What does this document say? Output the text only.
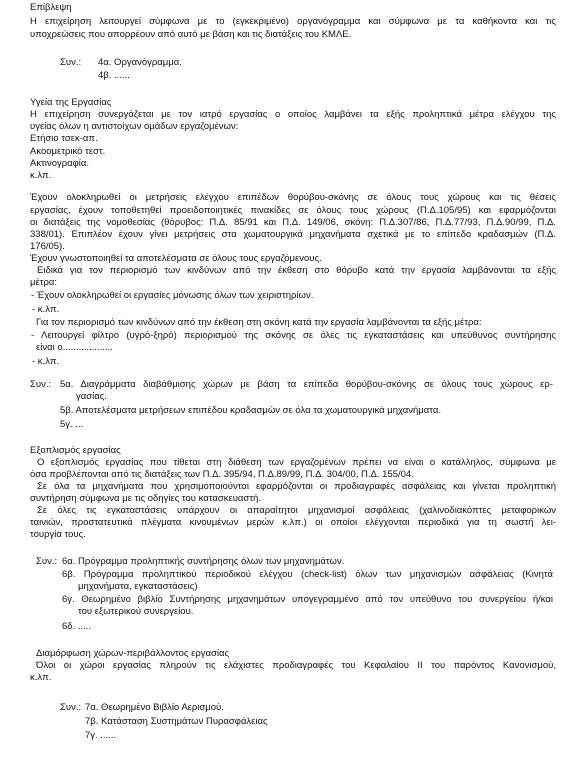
Επίβλεψη
Η επιχείρηση λειτουργεί σύμφωνα με το (εγκεκριμένο) οργανόγραμμα και σύμφωνα με τα καθήκοντα και τις
υποχρεώσεις που απορρέουν από αυτό με βάση και τις διατάξεις του ΚΜΛΕ.
Συν.: 4α. Οργανόγραμμα.
4β. ......
Υγεία της Εργασίας
Η επιχείρηση συνεργάζεται με τον ιατρό εργασίας ο οποίος λαμβάνει τα εξής προληπτικά μέτρα ελέγχου της
υγείας όλων η αντιστοίχων ομάδων εργαζομένων:
Ετήσιο τσεκ-απ.
Ακοομετρικό τεστ.
Ακτινογραφία.
κ.λπ.
Έχουν ολοκληρωθεί οι μετρήσεις ελέγχου επιπέδων θορύβου-σκόνης σε όλους τους χώρους και τις θέσεις
εργασίας, έχουν τοποθετηθεί προειδοποιητικές πινακίδες σε όλους τους χώρους (Π.Δ.105/95) και εφαρμόζονται
οι διατάξεις της νομοθεσίας (θόρυβος: Π.Δ. 85/91 και Π.Δ. 149/06, σκόνη: Π.Δ.307/86, Π.Δ.77/93, Π.Δ.90/99, Π.Δ.
338/01). Επιπλέον έχουν γίνει μετρήσεις στα χωματουργικά μηχανήματα σχετικά με το επίπεδο κραδασμών (Π.Δ.
176/05).
Έχουν γνωστοποιηθεί τα αποτελέσματα σε όλους τους εργαζόμενους.
Ειδικά για τον περιορισμό των κινδύνων από την έκθεση στο θόρυβο κατά την εργασία λαμβάνονται τα εξής
μέτρα:
- Έχουν ολοκληρωθεί οι εργασίες μόνωσης όλων των χειριστηρίων.
- κ.λπ.
Για τον περιορισμό των κινδύνων από την έκθεση στη σκόνη κατά την εργασία λαμβάνονται τα εξής μέτρα:
- Λειτουργεί φίλτρο (υγρό-ξηρό) περιορισμού της σκόνης σε όλες τις εγκαταστάσεις και υπεύθυνος συντήρησης
είναι ο...................
- κ.λπ.
Συν.: 5α. Διαγράμματα διαβάθμισης χώρων με βάση τα επίπεδα θορύβου-σκόνης σε όλους τους χώρους ερ-
γασίας.
5β. Αποτελέσματα μετρήσεων επιπέδου κραδασμών σε όλα τα χωματουργικά μηχανήματα.
5γ. ...
Εξοπλισμός εργασίας
Ο εξοπλισμός εργασίας που τίθεται στη διάθεση των εργαζομένων πρέπει να είναι ο κατάλληλος, σύμφωνα με
όσα προβλέπονται από τις διατάξεις των Π.Δ. 395/94, Π.Δ.89/99, Π.Δ. 304/00, Π.Δ. 155/04.
Σε όλα τα μηχανήματα που χρησιμοποιούνται εφαρμόζονται οι προδιαγραφές ασφάλειας και γίνεται προληπτική
συντήρηση σύμφωνα με τις οδηγίες του κατασκευαστή.
Σε όλες τις εγκαταστάσεις υπάρχουν οι απαραίτητοι μηχανισμοί ασφάλειας (χαλινοδιακόπτες μεταφορικών
ταινιών, προστατευτικά πλέγματα κινουμένων μερών κ.λπ.) οι οποίοι ελέγχονται περιοδικά για τη σωστή λει-
τουργία τους.
Συν.: 6α. Πρόγραμμα προληπτικής συντήρησης όλων των μηχανημάτων.
6β. Πρόγραμμα προληπτικού περιοδικού ελέγχου (check-list) όλων των μηχανισμών ασφάλειας (Κινητά
μηχανήματα, εγκαταστάσεις)
6γ. Θεωρημένο βιβλίο Συντήρησης μηχανημάτων υπογεγραμμένο από τον υπεύθυνο του συνεργείου ή/και
του εξωτερικού συνεργείου.
6δ. .....
Διαμόρφωση χώρων-περιβάλλοντος εργασίας
Όλοι οι χώροι εργασίας πληρούν τις ελάχιστες προδιαγραφές του Κεφαλαίου ΙΙ του παρόντος Κανονισμού,
κ.λπ.
Συν.: 7α. Θεωρημένο Βιβλίο Αερισμού.
7β. Κατάσταση Συστημάτων Πυρασφάλειας
7γ. ......
